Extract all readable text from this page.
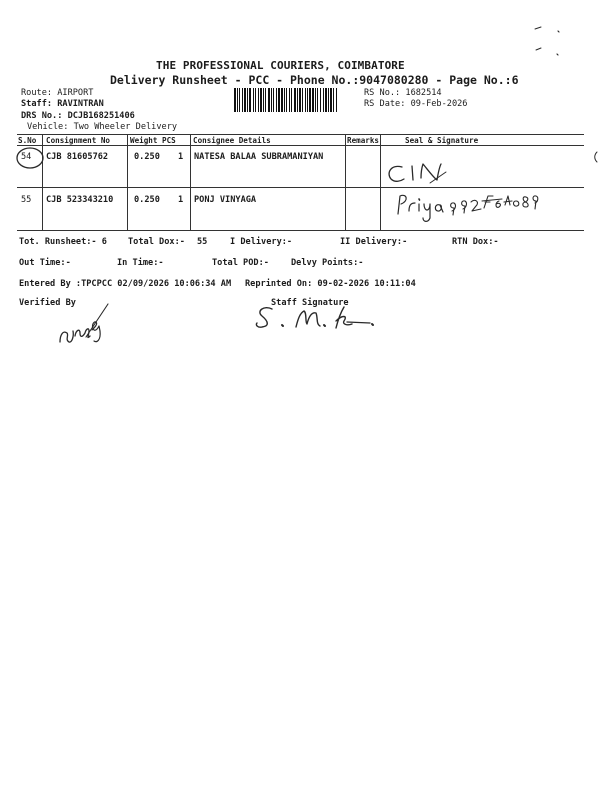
THE PROFESSIONAL COURIERS, COIMBATORE
Delivery Runsheet - PCC - Phone No.:9047080280 - Page No.:6
Route: AIRPORT
Staff: RAVINTRAN
DRS No.: DCJB168251406
Vehicle: Two Wheeler Delivery
RS No.: 1682514
RS Date: 09-Feb-2026
S.No Consignment No	Weight PCS Consignee Details	Remarks	Seal & Signature
54 CJB 81605762	0.250 1 NATESA BALAA SUBRAMANIYAN
55 CJB 523343210 0.250 1 PONJ VINYAGA
Tot. Runsheet:- 6 Total Dox:- 55	I Delivery:-	II Delivery:-	RTN Dox:-
Out Time:-	In Time:-	Total POD:-	Delvy Points:-
Entered By :TPCPCC 02/09/2026 10:06:34 AM Reprinted On: 09-02-2026 10:11:04
Verified By	Staff Signature
